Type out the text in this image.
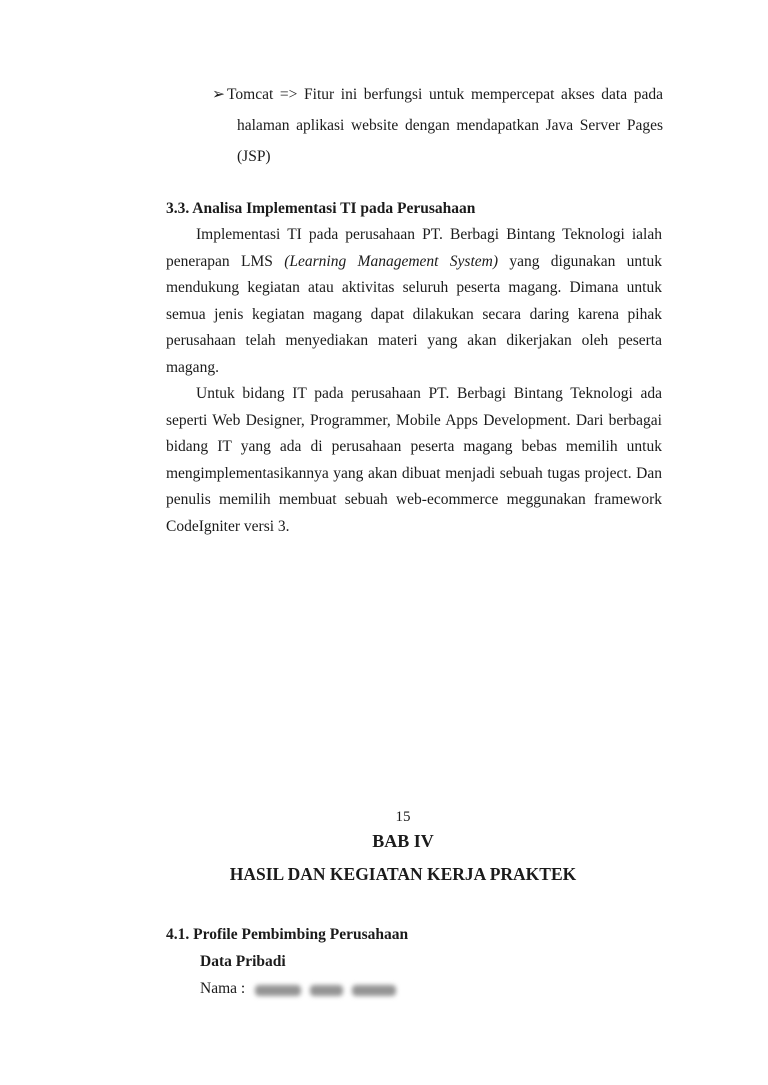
➢ Tomcat => Fitur ini berfungsi untuk mempercepat akses data pada halaman aplikasi website dengan mendapatkan Java Server Pages (JSP)
3.3. Analisa Implementasi TI pada Perusahaan

Implementasi TI pada perusahaan PT. Berbagi Bintang Teknologi ialah penerapan LMS (Learning Management System) yang digunakan untuk mendukung kegiatan atau aktivitas seluruh peserta magang. Dimana untuk semua jenis kegiatan magang dapat dilakukan secara daring karena pihak perusahaan telah menyediakan materi yang akan dikerjakan oleh peserta magang.

Untuk bidang IT pada perusahaan PT. Berbagi Bintang Teknologi ada seperti Web Designer, Programmer, Mobile Apps Development. Dari berbagai bidang IT yang ada di perusahaan peserta magang bebas memilih untuk mengimplementasikannya yang akan dibuat menjadi sebuah tugas project. Dan penulis memilih membuat sebuah web-ecommerce meggunakan framework CodeIgniter versi 3.

15
BAB IV
HASIL DAN KEGIATAN KERJA PRAKTEK
4.1. Profile Pembimbing Perusahaan
Data Pribadi
Nama :
